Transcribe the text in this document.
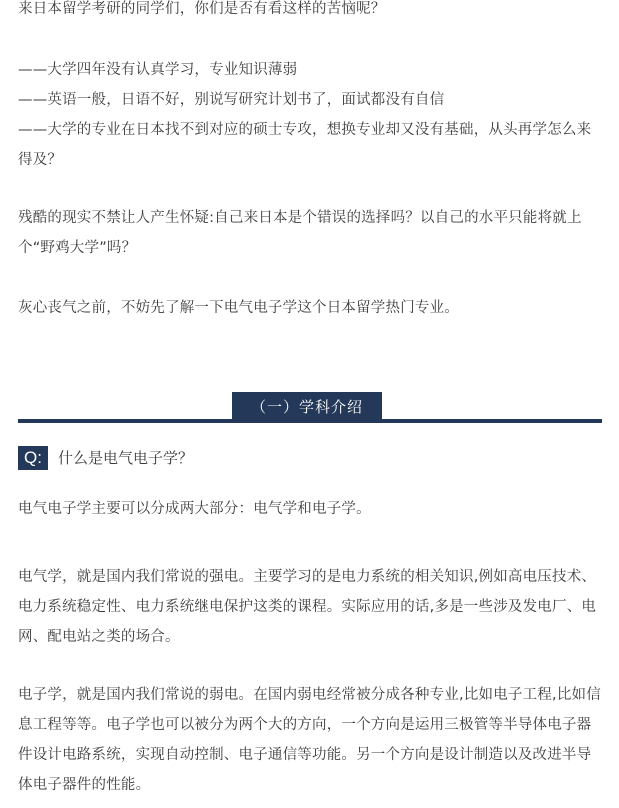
来日本留学考研的同学们，你们是否有看这样的苦恼呢？

——大学四年没有认真学习，专业知识薄弱

——英语一般，日语不好，别说写研究计划书了，面试都没有自信

——大学的专业在日本找不到对应的硕士专攻，想换专业却又没有基础，从头再学怎么来得及？

残酷的现实不禁让人产生怀疑:自己来日本是个错误的选择吗？以自己的水平只能将就上个“野鸡大学”吗？

灰心丧气之前，不妨先了解一下电气电子学这个日本留学热门专业。

（一）学科介绍
Q:	什么是电气电子学？

电气电子学主要可以分成两大部分：电气学和电子学。

电气学，就是国内我们常说的强电。主要学习的是电力系统的相关知识,例如高电压技术、电力系统稳定性、电力系统继电保护这类的课程。实际应用的话,多是一些涉及发电厂、电网、配电站之类的场合。

电子学，就是国内我们常说的弱电。在国内弱电经常被分成各种专业,比如电子工程,比如信息工程等等。电子学也可以被分为两个大的方向，一个方向是运用三极管等半导体电子器件设计电路系统，实现自动控制、电子通信等功能。另一个方向是设计制造以及改进半导体电子器件的性能。
